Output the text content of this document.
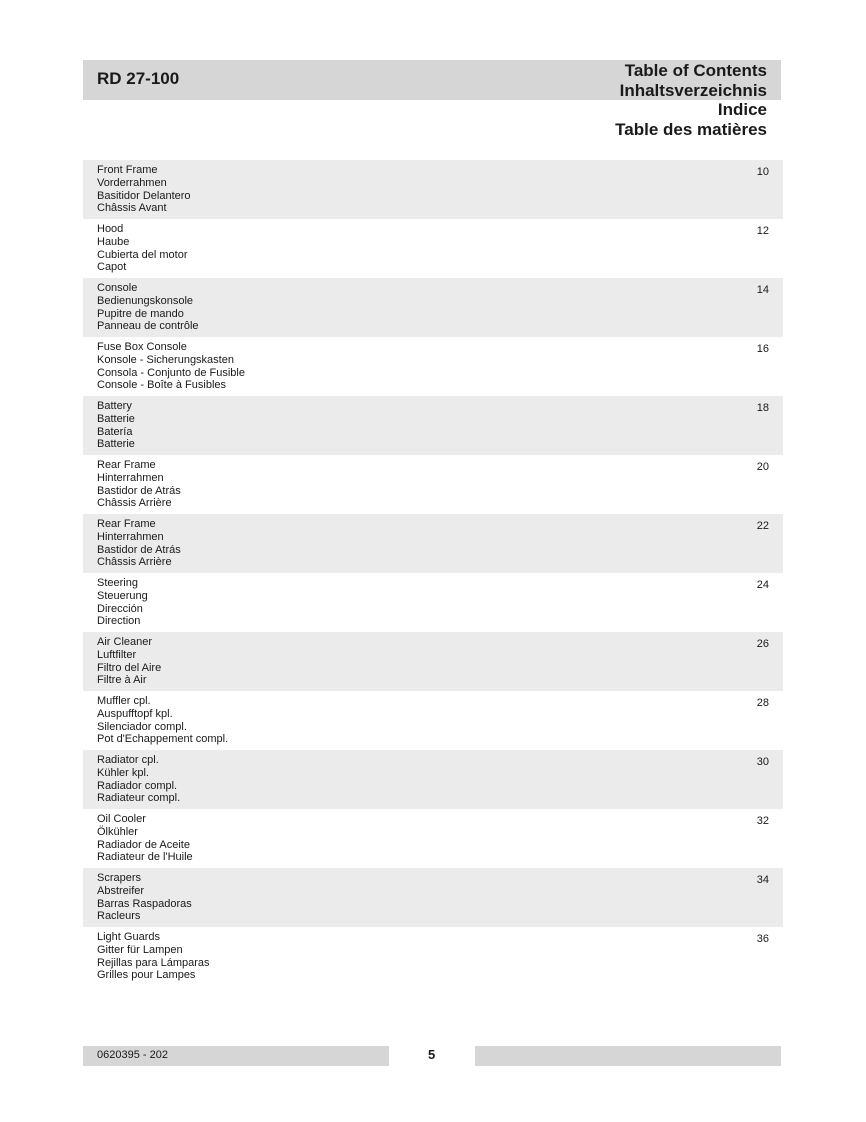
RD 27-100	Table of Contents
Inhaltsverzeichnis
Indice
Table des matières
Front Frame
Vorderrahmen
Basitidor Delantero
Châssis Avant
10
Hood
Haube
Cubierta del motor
Capot
12
Console
Bedienungskonsole
Pupitre de mando
Panneau de contrôle
14
Fuse Box Console
Konsole - Sicherungskasten
Consola - Conjunto de Fusible
Console - Boîte à Fusibles
16
Battery
Batterie
Batería
Batterie
18
Rear Frame
Hinterrahmen
Bastidor de Atrás
Châssis Arrière
20
Rear Frame
Hinterrahmen
Bastidor de Atrás
Châssis Arrière
22
Steering
Steuerung
Dirección
Direction
24
Air Cleaner
Luftfilter
Filtro del Aire
Filtre à Air
26
Muffler cpl.
Auspufftopf kpl.
Silenciador compl.
Pot d'Echappement compl.
28
Radiator cpl.
Kühler kpl.
Radiador compl.
Radiateur compl.
30
Oil Cooler
Ölkühler
Radiador de Aceite
Radiateur de l'Huile
32
Scrapers
Abstreifer
Barras Raspadoras
Racleurs
34
Light Guards
Gitter für Lampen
Rejillas para Lámparas
Grilles pour Lampes
36
0620395 - 202	5
